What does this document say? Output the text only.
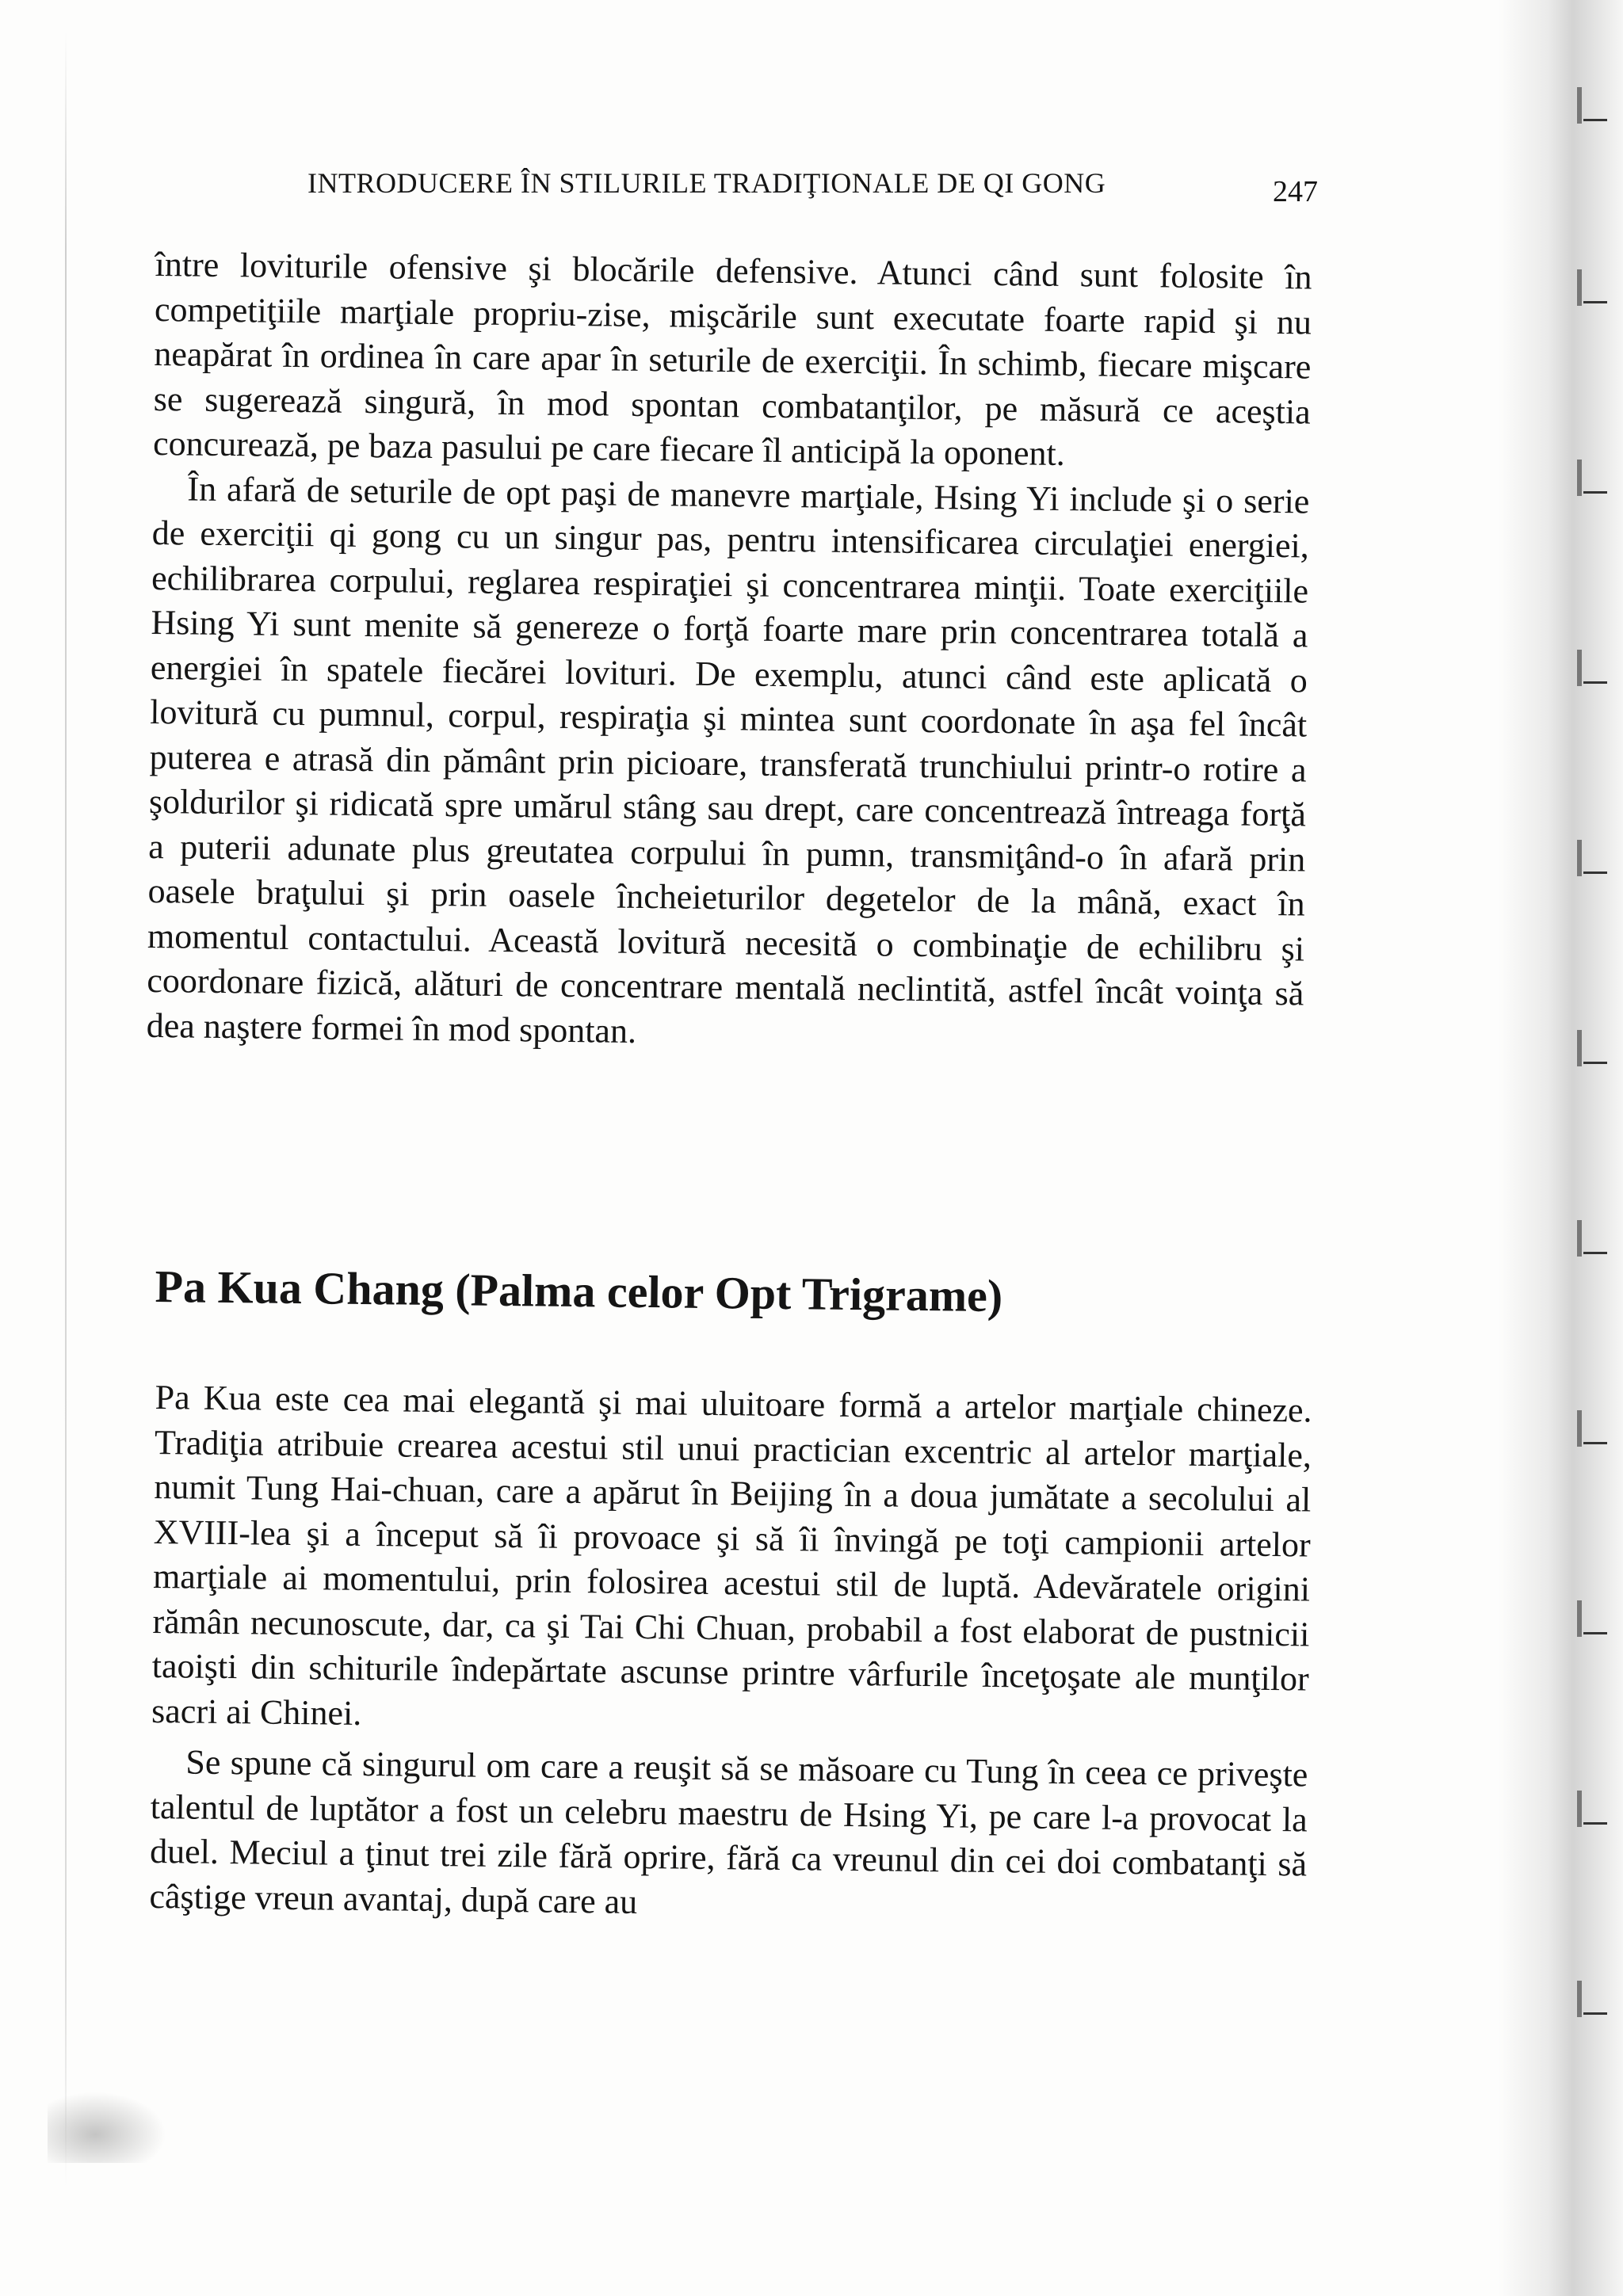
INTRODUCERE ÎN STILURILE TRADIŢIONALE DE QI GONG	247

între loviturile ofensive şi blocările defensive. Atunci când sunt folosite în competiţiile marţiale propriu-zise, mişcările sunt executate foarte rapid şi nu neapărat în ordinea în care apar în seturile de exerciţii. În schimb, fiecare mişcare se sugerează singură, în mod spontan combatanţilor, pe măsură ce aceştia concurează, pe baza pasului pe care fiecare îl anticipă la oponent.

În afară de seturile de opt paşi de manevre marţiale, Hsing Yi include şi o serie de exerciţii qi gong cu un singur pas, pentru intensificarea circulaţiei energiei, echilibrarea corpului, reglarea respiraţiei şi concentrarea minţii. Toate exerciţiile Hsing Yi sunt menite să genereze o forţă foarte mare prin concentrarea totală a energiei în spatele fiecărei lovituri. De exemplu, atunci când este aplicată o lovitură cu pumnul, corpul, respiraţia şi mintea sunt coordonate în aşa fel încât puterea e atrasă din pământ prin picioare, transferată trunchiului printr-o rotire a şoldurilor şi ridicată spre umărul stâng sau drept, care concentrează întreaga forţă a puterii adunate plus greutatea corpului în pumn, transmiţând-o în afară prin oasele braţului şi prin oasele încheieturilor degetelor de la mână, exact în momentul contactului. Această lovitură necesită o combinaţie de echilibru şi coordonare fizică, alături de concentrare mentală neclintită, astfel încât voinţa să dea naştere formei în mod spontan.

Pa Kua Chang (Palma celor Opt Trigrame)

Pa Kua este cea mai elegantă şi mai uluitoare formă a artelor marţiale chineze. Tradiţia atribuie crearea acestui stil unui practician excentric al artelor marţiale, numit Tung Hai-chuan, care a apărut în Beijing în a doua jumătate a secolului al XVIII-lea şi a început să îi provoace şi să îi învingă pe toţi campionii artelor marţiale ai momentului, prin folosirea acestui stil de luptă. Adevăratele origini rămân necunoscute, dar, ca şi Tai Chi Chuan, probabil a fost elaborat de pustnicii taoişti din schiturile îndepărtate ascunse printre vârfurile înceţoşate ale munţilor sacri ai Chinei.

Se spune că singurul om care a reuşit să se măsoare cu Tung în ceea ce priveşte talentul de luptător a fost un celebru maestru de Hsing Yi, pe care l-a provocat la duel. Meciul a ţinut trei zile fără oprire, fără ca vreunul din cei doi combatanţi să câştige vreun avantaj, după care au
